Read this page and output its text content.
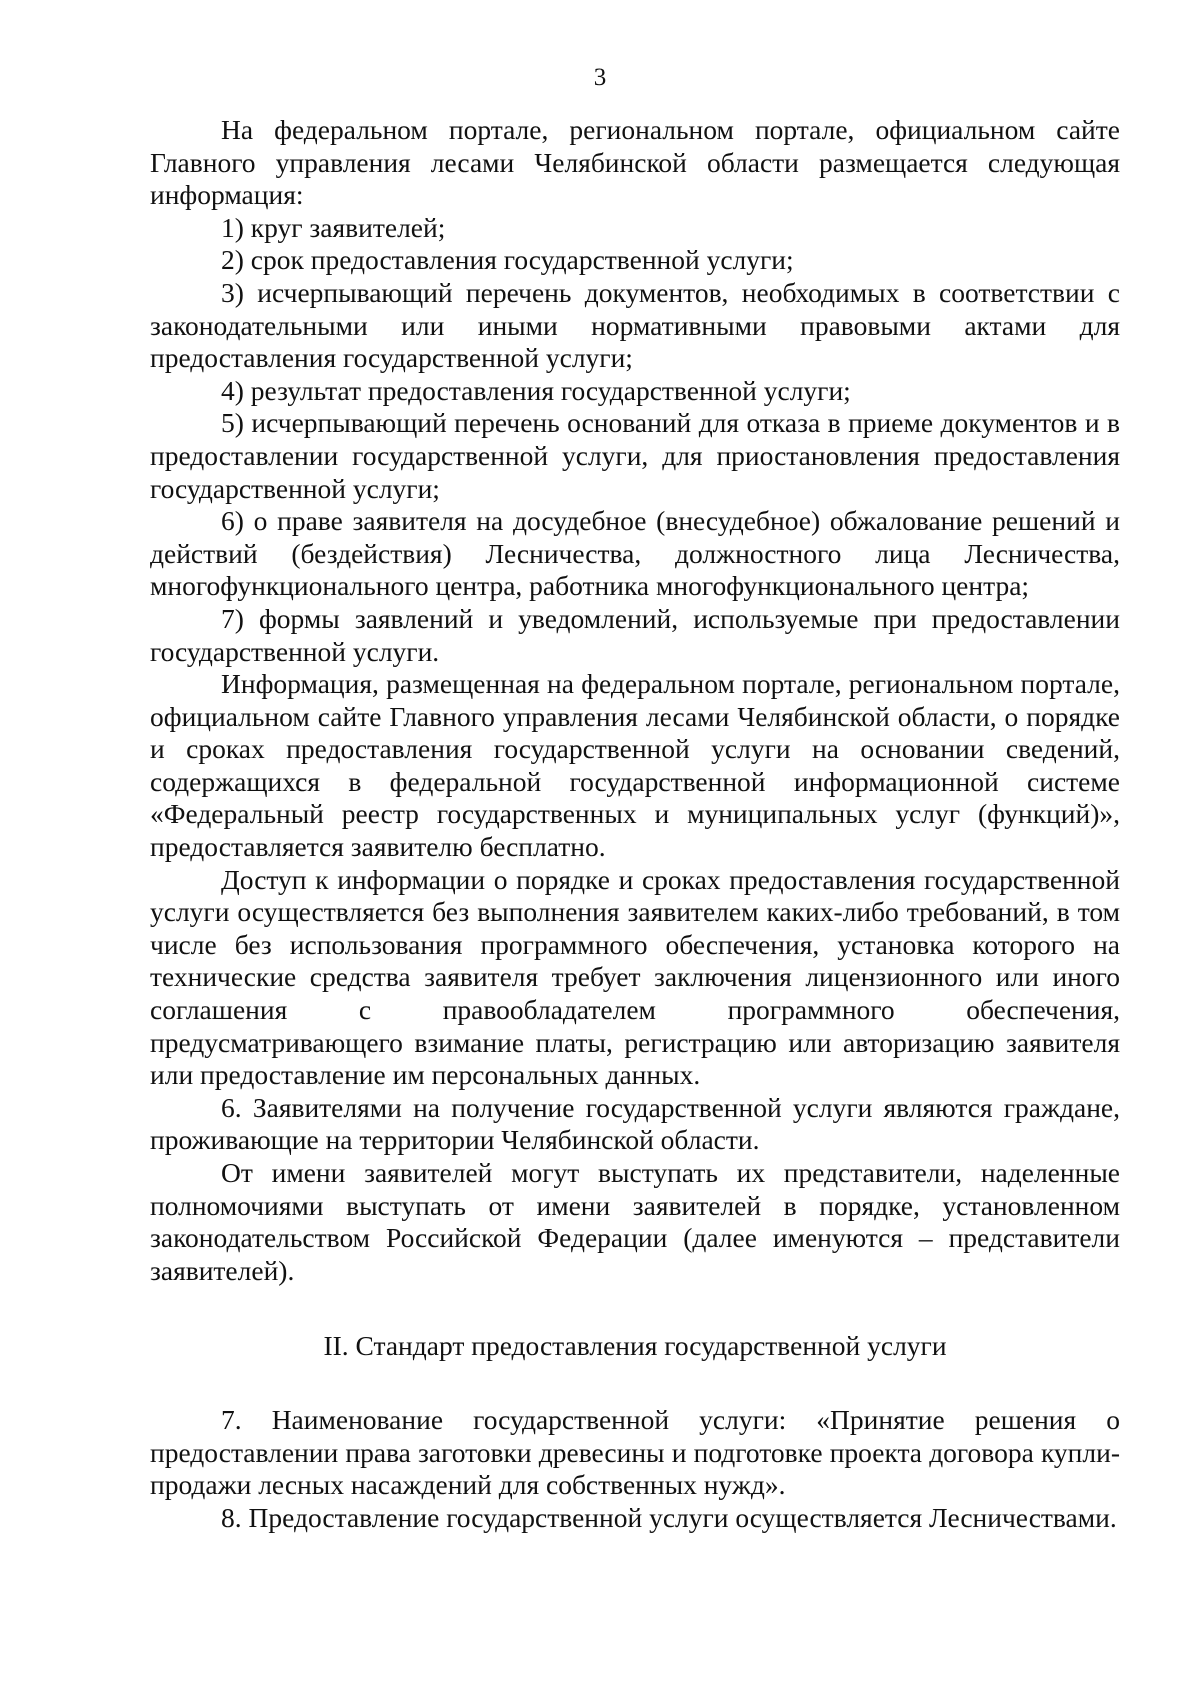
3

На федеральном портале, региональном портале, официальном сайте Главного управления лесами Челябинской области размещается следующая информация:

1) круг заявителей;

2) срок предоставления государственной услуги;

3) исчерпывающий перечень документов, необходимых в соответствии с законодательными или иными нормативными правовыми актами для предоставления государственной услуги;

4) результат предоставления государственной услуги;

5) исчерпывающий перечень оснований для отказа в приеме документов и в предоставлении государственной услуги, для приостановления предоставления государственной услуги;

6) о праве заявителя на досудебное (внесудебное) обжалование решений и действий (бездействия) Лесничества, должностного лица Лесничества, многофункционального центра, работника многофункционального центра;

7) формы заявлений и уведомлений, используемые при предоставлении государственной услуги.

Информация, размещенная на федеральном портале, региональном портале, официальном сайте Главного управления лесами Челябинской области, о порядке и сроках предоставления государственной услуги на основании сведений, содержащихся в федеральной государственной информационной системе «Федеральный реестр государственных и муниципальных услуг (функций)», предоставляется заявителю бесплатно.

Доступ к информации о порядке и сроках предоставления государственной услуги осуществляется без выполнения заявителем каких-либо требований, в том числе без использования программного обеспечения, установка которого на технические средства заявителя требует заключения лицензионного или иного соглашения с правообладателем программного обеспечения, предусматривающего взимание платы, регистрацию или авторизацию заявителя или предоставление им персональных данных.

6. Заявителями на получение государственной услуги являются граждане, проживающие на территории Челябинской области.

От имени заявителей могут выступать их представители, наделенные полномочиями выступать от имени заявителей в порядке, установленном законодательством Российской Федерации (далее именуются – представители заявителей).

II. Стандарт предоставления государственной услуги

7. Наименование государственной услуги: «Принятие решения о предоставлении права заготовки древесины и подготовке проекта договора купли-продажи лесных насаждений для собственных нужд».

8. Предоставление государственной услуги осуществляется Лесничествами.
